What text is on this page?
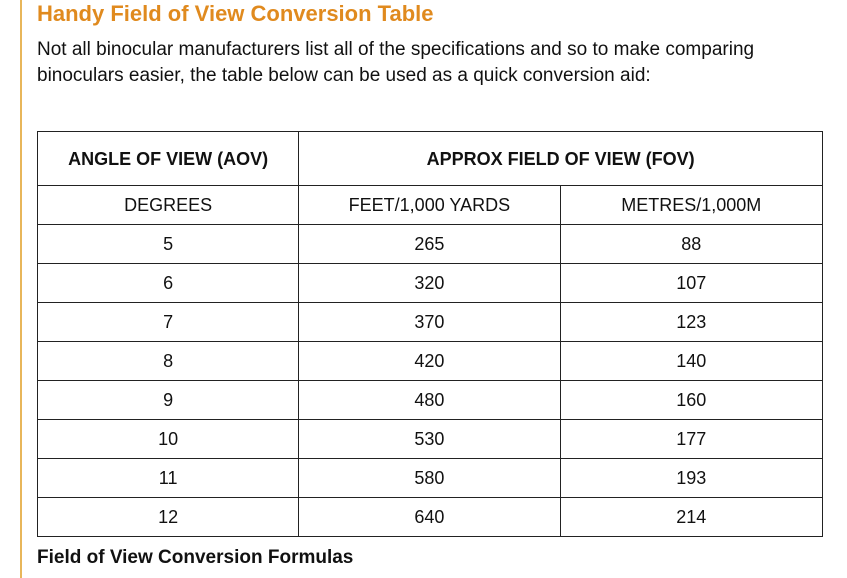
Handy Field of View Conversion Table

Not all binocular manufacturers list all of the specifications and so to make comparing binoculars easier, the table below can be used as a quick conversion aid:

ANGLE OF VIEW (AOV)	APPROX FIELD OF VIEW (FOV)	
DEGREES	FEET/1,000 YARDS	METRES/1,000M
5	265	88
6	320	107
7	370	123
8	420	140
9	480	160
10	530	177
11	580	193
12	640	214
Field of View Conversion Formulas
